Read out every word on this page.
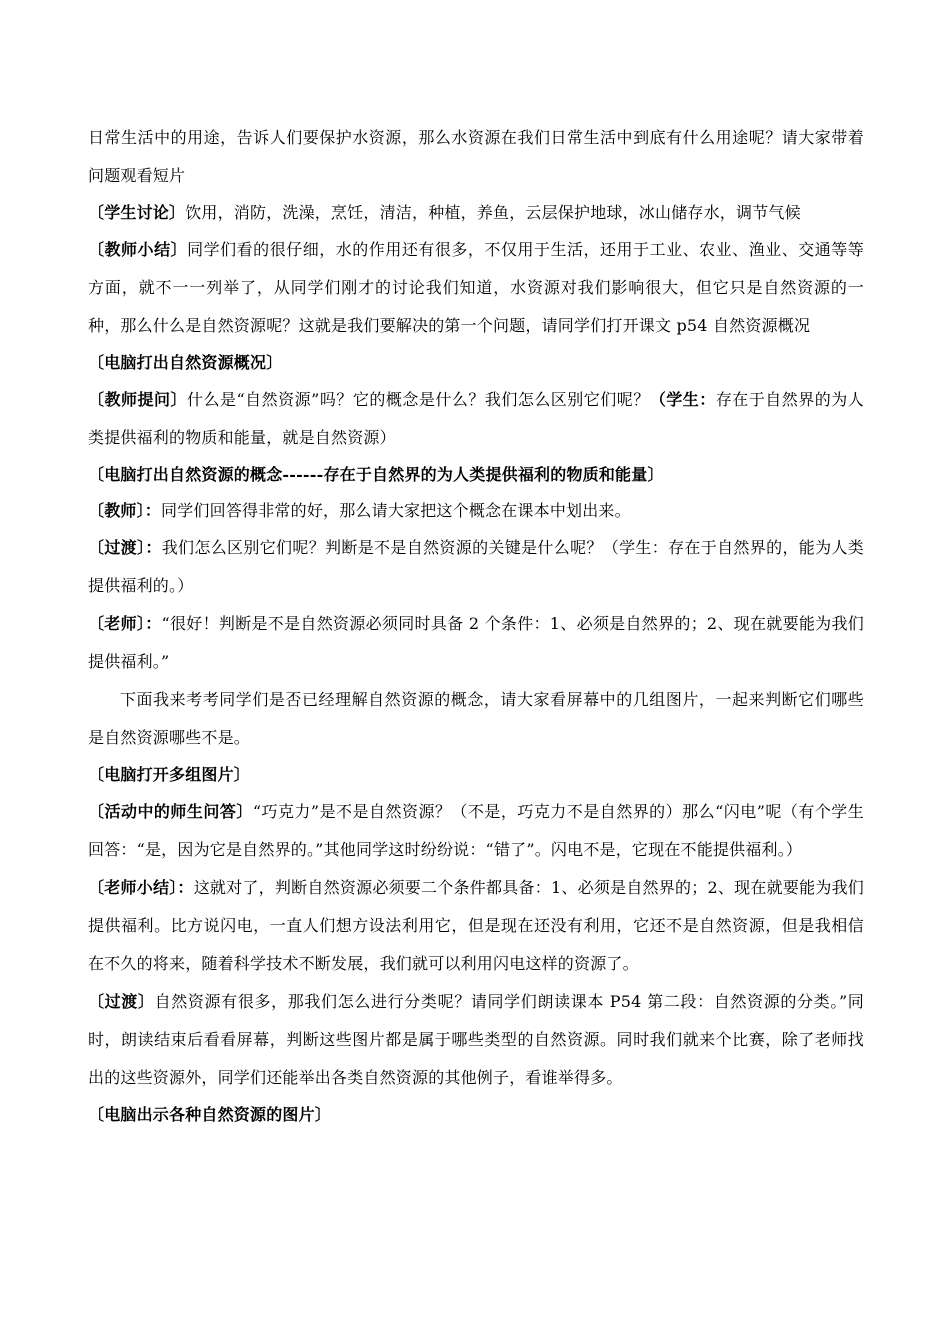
日常生活中的用途，告诉人们要保护水资源，那么水资源在我们日常生活中到底有什么用途呢？请大家带着问题观看短片

〔学生讨论〕饮用，消防，洗澡，烹饪，清洁，种植，养鱼，云层保护地球，冰山储存水，调节气候

〔教师小结〕同学们看的很仔细，水的作用还有很多，不仅用于生活，还用于工业、农业、渔业、交通等等方面，就不一一列举了，从同学们刚才的讨论我们知道，水资源对我们影响很大，但它只是自然资源的一种，那么什么是自然资源呢？这就是我们要解决的第一个问题，请同学们打开课文 p54 自然资源概况

〔电脑打出自然资源概况〕

〔教师提问〕什么是“自然资源”吗？它的概念是什么？我们怎么区别它们呢？（学生：存在于自然界的为人类提供福利的物质和能量，就是自然资源）

〔电脑打出自然资源的概念------存在于自然界的为人类提供福利的物质和能量〕

〔教师〕：同学们回答得非常的好，那么请大家把这个概念在课本中划出来。

〔过渡〕：我们怎么区别它们呢？判断是不是自然资源的关键是什么呢？（学生：存在于自然界的，能为人类提供福利的。）

〔老师〕：“很好！判断是不是自然资源必须同时具备 2 个条件：1、必须是自然界的；2、现在就要能为我们提供福利。”

下面我来考考同学们是否已经理解自然资源的概念，请大家看屏幕中的几组图片，一起来判断它们哪些是自然资源哪些不是。

〔电脑打开多组图片〕

〔活动中的师生问答〕“巧克力”是不是自然资源？（不是，巧克力不是自然界的）那么“闪电”呢（有个学生回答：“是，因为它是自然界的。”其他同学这时纷纷说：“错了”。闪电不是，它现在不能提供福利。）

〔老师小结〕：这就对了，判断自然资源必须要二个条件都具备：1、必须是自然界的；2、现在就要能为我们提供福利。比方说闪电，一直人们想方设法利用它，但是现在还没有利用，它还不是自然资源，但是我相信在不久的将来，随着科学技术不断发展，我们就可以利用闪电这样的资源了。

〔过渡〕自然资源有很多，那我们怎么进行分类呢？请同学们朗读课本 P54 第二段：自然资源的分类。”同时，朗读结束后看看屏幕，判断这些图片都是属于哪些类型的自然资源。同时我们就来个比赛，除了老师找出的这些资源外，同学们还能举出各类自然资源的其他例子，看谁举得多。

〔电脑出示各种自然资源的图片〕
